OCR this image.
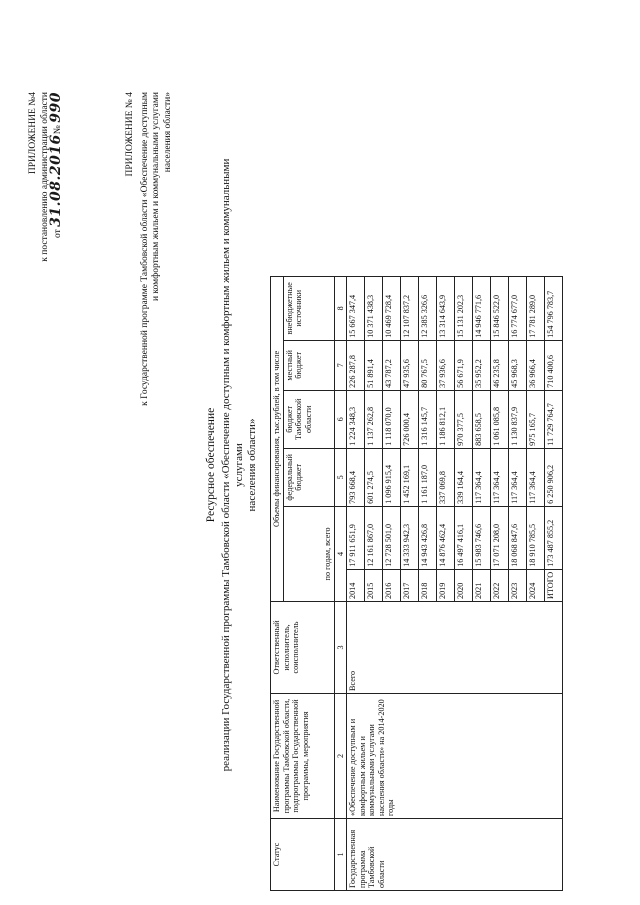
ПРИЛОЖЕНИЕ №4 к постановлению администрации области от 31.08.2016№ 990	ПРИЛОЖЕНИЕ № 4 к Государственной программе Тамбовской области «Обеспечение доступным и комфортным жильем и коммунальными услугами населения области»
Ресурсное обеспечение реализации Государственной программы Тамбовской области «Обеспечение доступным и комфортным жильем и коммунальными услугами населения области»
Статус	Наименование Государственной программы Тамбовской области, подпрограммы Государственной программы, мероприятия	Ответственный исполнитель, соисполнитель	Объемы финансирования, тыс.рублей, в том числе					
			по годам, всего		федеральный бюджет	бюджет Тамбовской области	местный бюджет	внебюджетные источники
1	2	3	4		5	6	7	8
Государственная программа Тамбовской области	«Обеспечение доступным и комфортным жильем и коммунальными услугами населения области» на 2014-2020 годы	Всего	2014	17 911 651,9	793 668,4	1 224 348,3	226 287,8	15 667 347,4
			2015	12 161 867,0	601 274,5	1 137 262,8	51 891,4	10 371 438,3
			2016	12 728 501,0	1 096 915,4	1 118 070,0	43 787,2	10 469 728,4
			2017	14 333 942,3	1 452 169,1	726 000,4	47 935,6	12 107 837,2
			2018	14 943 426,8	1 161 187,0	1 316 145,7	80 767,5	12 385 326,6
			2019	14 876 462,4	337 069,8	1 186 812,1	37 936,6	13 314 643,9
			2020	16 497 416,1	339 164,4	970 377,5	56 671,9	15 131 202,3
			2021	15 983 746,6	117 364,4	883 658,5	35 952,2	14 946 771,6
			2022	17 071 208,0	117 364,4	1 061 085,8	46 235,8	15 846 522,0
			2023	18 068 847,6	117 364,4	1 130 837,9	45 968,3	16 774 677,0
			2024	18 910 785,5	117 364,4	975 165,7	36 966,4	17 781 289,0
			ИТОГО	173 487 855,2	6 250 906,2	11 729 764,7	710 400,6	154 796 783,7
